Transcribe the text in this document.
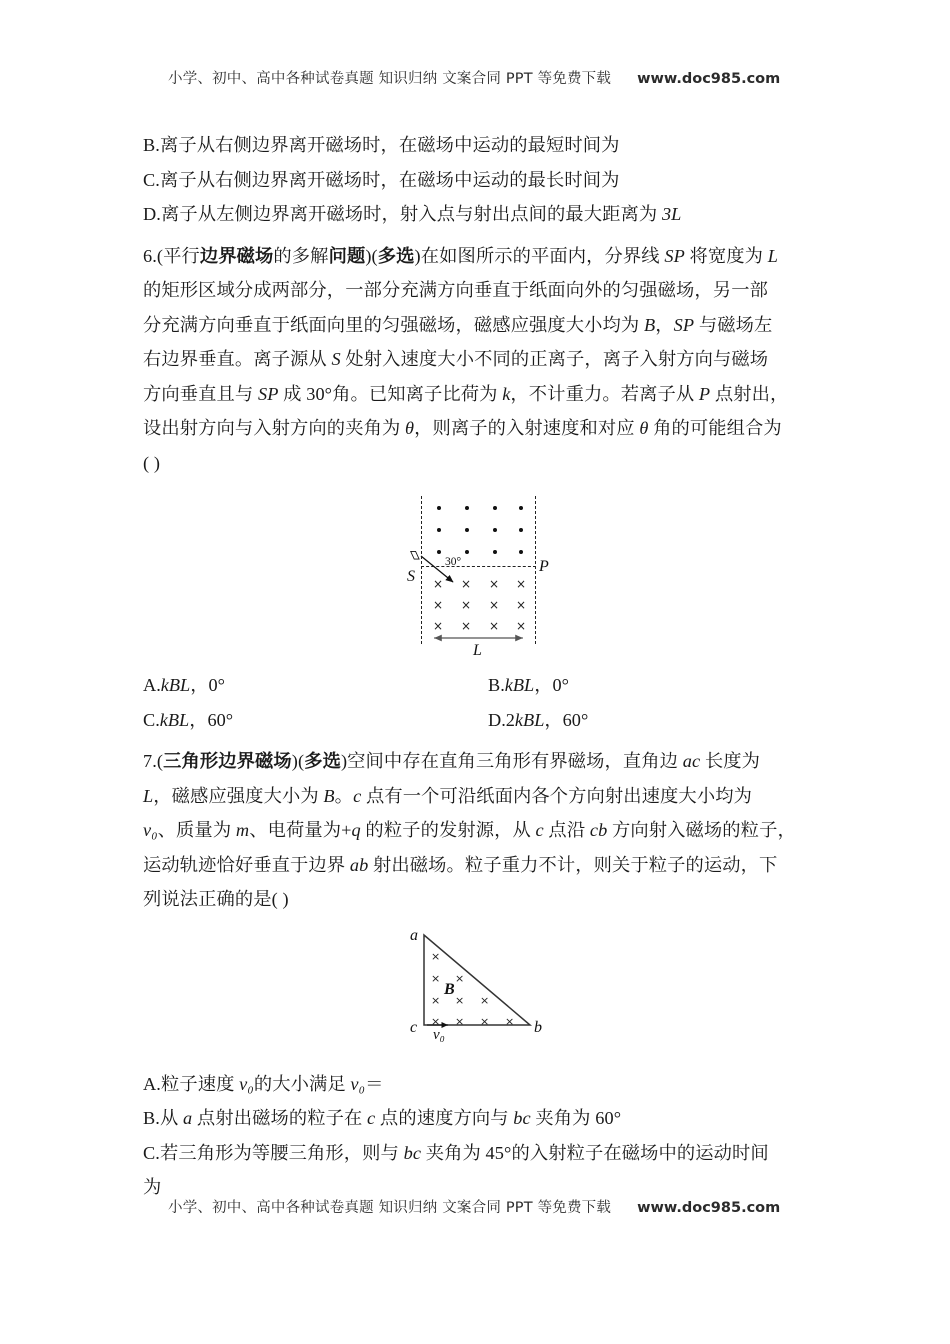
小学、初中、高中各种试卷真题 知识归纳 文案合同 PPT 等免费下载 www.doc985.com
B.离子从右侧边界离开磁场时，在磁场中运动的最短时间为
C.离子从右侧边界离开磁场时，在磁场中运动的最长时间为
D.离子从左侧边界离开磁场时，射入点与射出点间的最大距离为 3L
6.(平行边界磁场的多解问题)(多选)在如图所示的平面内，分界线 SP 将宽度为 L
的矩形区域分成两部分，一部分充满方向垂直于纸面向外的匀强磁场，另一部
分充满方向垂直于纸面向里的匀强磁场，磁感应强度大小均为 B，SP 与磁场左
右边界垂直。离子源从 S 处射入速度大小不同的正离子，离子入射方向与磁场
方向垂直且与 SP 成 30°角。已知离子比荷为 k，不计重力。若离子从 P 点射出，
设出射方向与入射方向的夹角为 θ，则离子的入射速度和对应 θ 角的可能组合为
( )
× × × ×
× × × ×
× × × ×
30°
S
P
L
A.kBL，0°	B.kBL，0°
C.kBL，60°	D.2kBL，60°
7.(三角形边界磁场)(多选)空间中存在直角三角形有界磁场，直角边 ac 长度为
L，磁感应强度大小为 B。c 点有一个可沿纸面内各个方向射出速度大小均为
v₀、质量为 m、电荷量为+q 的粒子的发射源，从 c 点沿 cb 方向射入磁场的粒子，
运动轨迹恰好垂直于边界 ab 射出磁场。粒子重力不计，则关于粒子的运动，下
列说法正确的是( )
a
c	b
×
× ×
× × ×
× × × ×
B
v₀
A.粒子速度 v₀的大小满足 v₀＝
B.从 a 点射出磁场的粒子在 c 点的速度方向与 bc 夹角为 60°
C.若三角形为等腰三角形，则与 bc 夹角为 45°的入射粒子在磁场中的运动时间
为
小学、初中、高中各种试卷真题 知识归纳 文案合同 PPT 等免费下载 www.doc985.com
